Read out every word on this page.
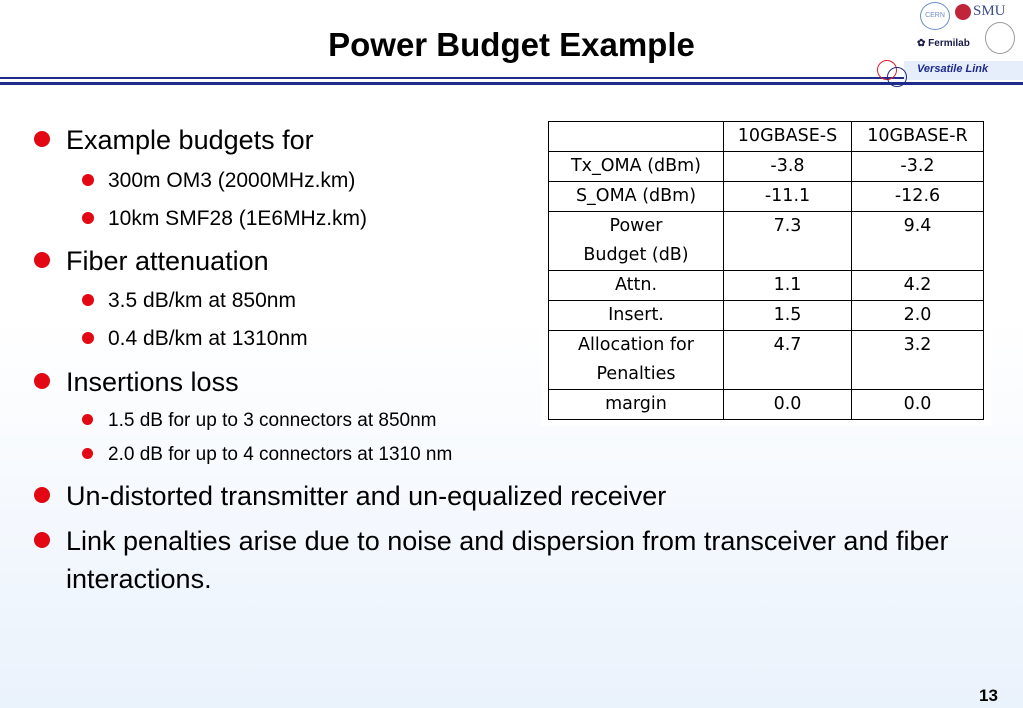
Power Budget Example
CERN	SMU
✿ Fermilab
Versatile Link
Example budgets for
300m OM3 (2000MHz.km)
10km SMF28 (1E6MHz.km)
Fiber attenuation
3.5 dB/km at 850nm
0.4 dB/km at 1310nm
Insertions loss
1.5 dB for up to 3 connectors at 850nm
2.0 dB for up to 4 connectors at 1310 nm
Un-distorted transmitter and un-equalized receiver
Link penalties arise due to noise and dispersion from transceiver and fiber interactions.
	10GBASE-S	10GBASE-R
Tx_OMA (dBm)	-3.8	-3.2
S_OMA (dBm)	-11.1	-12.6
Power
Budget (dB)	7.3	9.4
Attn.	1.1	4.2
Insert.	1.5	2.0
Allocation for
Penalties	4.7	3.2
margin	0.0	0.0
13
